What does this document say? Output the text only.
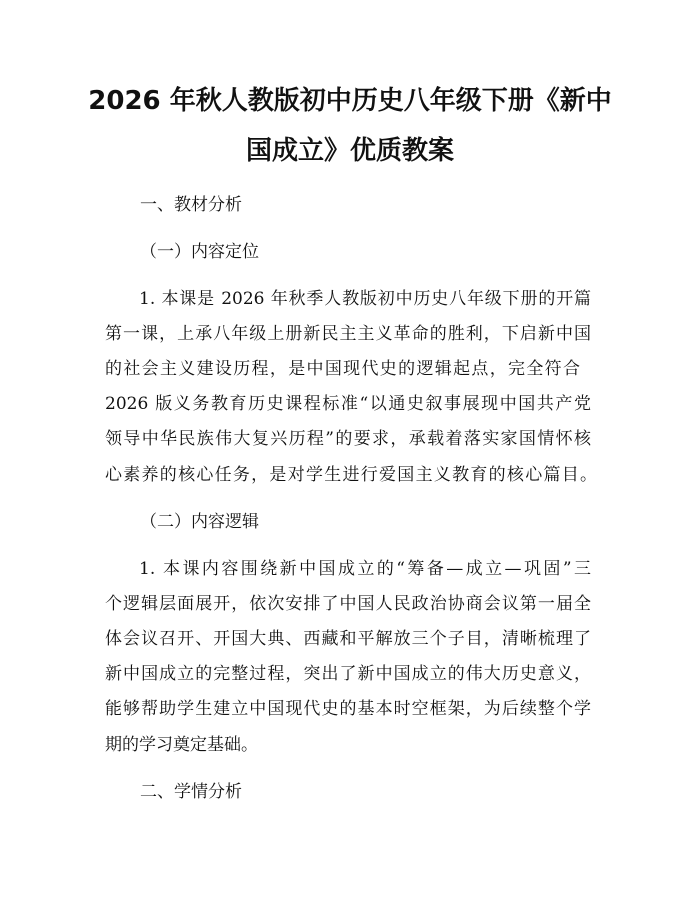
2026 年秋人教版初中历史八年级下册《新中
国成立》优质教案
一、教材分析
（一）内容定位
1. 本课是 2026 年秋季人教版初中历史八年级下册的开篇
第一课，上承八年级上册新民主主义革命的胜利，下启新中国
的社会主义建设历程，是中国现代史的逻辑起点，完全符合
2026 版义务教育历史课程标准“以通史叙事展现中国共产党
领导中华民族伟大复兴历程”的要求，承载着落实家国情怀核
心素养的核心任务，是对学生进行爱国主义教育的核心篇目。
（二）内容逻辑
1. 本课内容围绕新中国成立的“筹备—成立—巩固”三
个逻辑层面展开，依次安排了中国人民政治协商会议第一届全
体会议召开、开国大典、西藏和平解放三个子目，清晰梳理了
新中国成立的完整过程，突出了新中国成立的伟大历史意义，
能够帮助学生建立中国现代史的基本时空框架，为后续整个学
期的学习奠定基础。
二、学情分析
